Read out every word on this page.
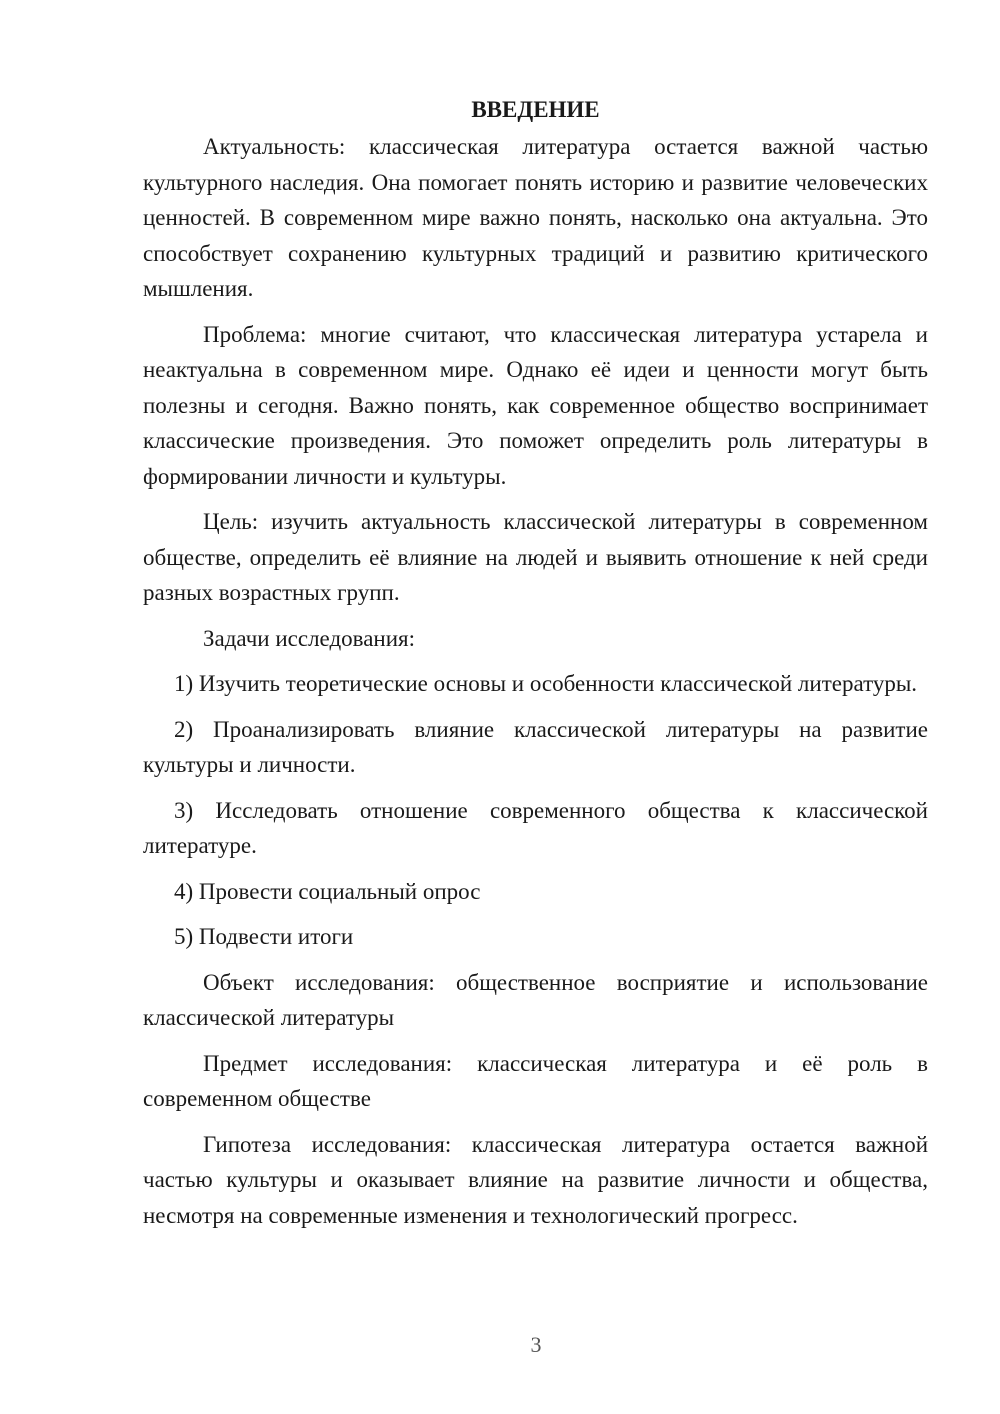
ВВЕДЕНИЕ

Актуальность: классическая литература остается важной частью культурного наследия. Она помогает понять историю и развитие человеческих ценностей. В современном мире важно понять, насколько она актуальна. Это способствует сохранению культурных традиций и развитию критического мышления.

Проблема: многие считают, что классическая литература устарела и неактуальна в современном мире. Однако её идеи и ценности могут быть полезны и сегодня. Важно понять, как современное общество воспринимает классические произведения. Это поможет определить роль литературы в формировании личности и культуры.

Цель: изучить актуальность классической литературы в современном обществе, определить её влияние на людей и выявить отношение к ней среди разных возрастных групп.

Задачи исследования:

1) Изучить теоретические основы и особенности классической литературы.

2) Проанализировать влияние классической литературы на развитие культуры и личности.

3) Исследовать отношение современного общества к классической литературе.

4) Провести социальный опрос

5) Подвести итоги

Объект исследования: общественное восприятие и использование классической литературы

Предмет исследования: классическая литература и её роль в современном обществе

Гипотеза исследования: классическая литература остается важной частью культуры и оказывает влияние на развитие личности и общества, несмотря на современные изменения и технологический прогресс.

3
